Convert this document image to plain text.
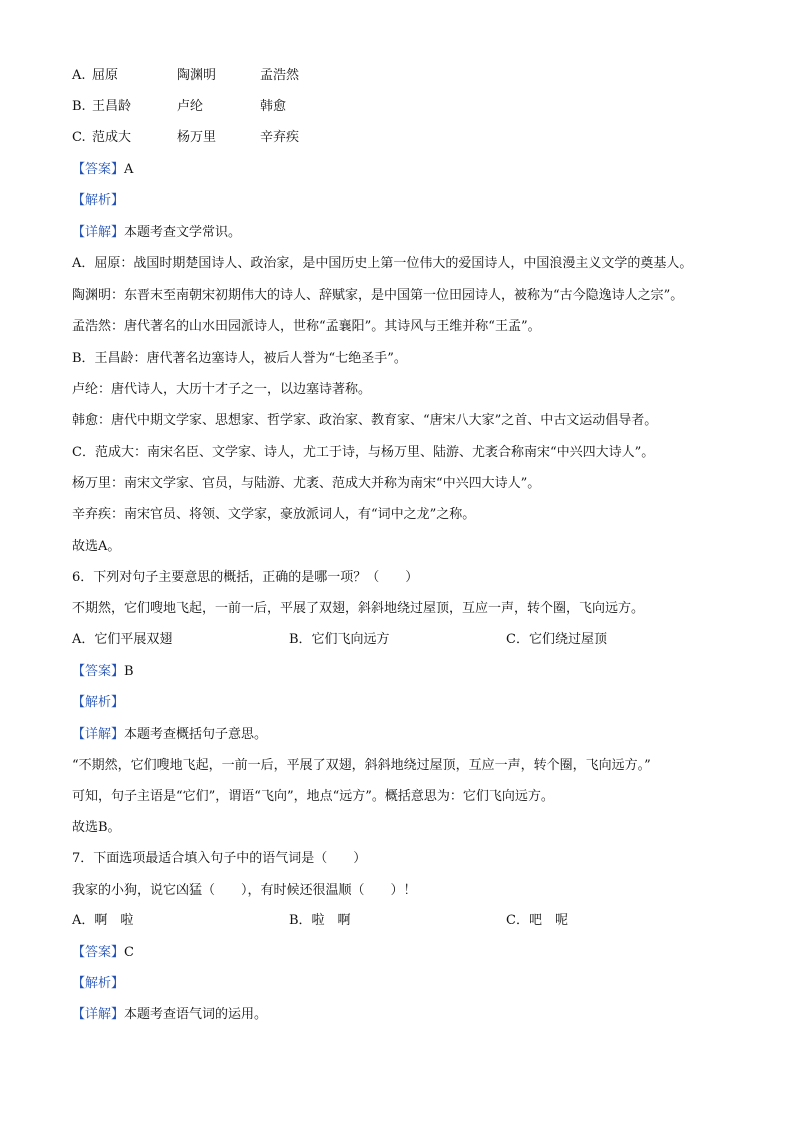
A. 屈原	陶渊明	孟浩然
B. 王昌龄	卢纶	韩愈
C. 范成大	杨万里	辛弃疾
【答案】A
【解析】
【详解】本题考查文学常识。
A．屈原：战国时期楚国诗人、政治家，是中国历史上第一位伟大的爱国诗人，中国浪漫主义文学的奠基人。
陶渊明：东晋末至南朝宋初期伟大的诗人、辞赋家，是中国第一位田园诗人，被称为“古今隐逸诗人之宗”。
孟浩然：唐代著名的山水田园派诗人，世称“孟襄阳”。其诗风与王维并称“王孟”。
B．王昌龄：唐代著名边塞诗人，被后人誉为“七绝圣手”。
卢纶：唐代诗人，大历十才子之一，以边塞诗著称。
韩愈：唐代中期文学家、思想家、哲学家、政治家、教育家、“唐宋八大家”之首、中古文运动倡导者。
C．范成大：南宋名臣、文学家、诗人，尤工于诗，与杨万里、陆游、尤袤合称南宋“中兴四大诗人”。
杨万里：南宋文学家、官员，与陆游、尤袤、范成大并称为南宋“中兴四大诗人”。
辛弃疾：南宋官员、将领、文学家，豪放派词人，有“词中之龙”之称。
故选A。
6．下列对句子主要意思的概括，正确的是哪一项？（　　）
不期然，它们嗖地飞起，一前一后，平展了双翅，斜斜地绕过屋顶，互应一声，转个圈，飞向远方。
A．它们平展双翅	B．它们飞向远方	C．它们绕过屋顶
【答案】B
【解析】
【详解】本题考查概括句子意思。
“不期然，它们嗖地飞起，一前一后，平展了双翅，斜斜地绕过屋顶，互应一声，转个圈，飞向远方。”
可知，句子主语是“它们”，谓语“飞向”，地点“远方”。概括意思为：它们飞向远方。
故选B。
7．下面选项最适合填入句子中的语气词是（　　）
我家的小狗，说它凶猛（　　），有时候还很温顺（　　）！
A．啊　啦	B．啦　啊	C．吧　呢
【答案】C
【解析】
【详解】本题考查语气词的运用。
